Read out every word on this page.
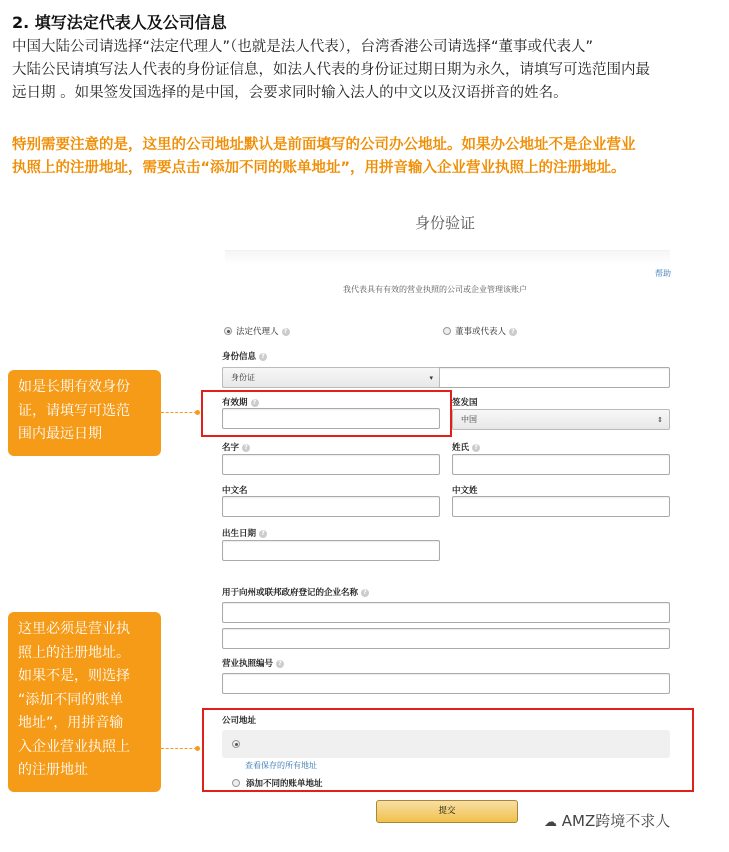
2. 填写法定代表人及公司信息
中国大陆公司请选择“法定代理人”（也就是法人代表），台湾香港公司请选择“董事或代表人”
大陆公民请填写法人代表的身份证信息，如法人代表的身份证过期日期为永久，请填写可选范围内最
远日期 。如果签发国选择的是中国，会要求同时输入法人的中文以及汉语拼音的姓名。
特别需要注意的是，这里的公司地址默认是前面填写的公司办公地址。如果办公地址不是企业营业
执照上的注册地址，需要点击“添加不同的账单地址”，用拼音输入企业营业执照上的注册地址。
身份验证
帮助
我代表具有有效的营业执照的公司或企业管理该账户
法定代理人 ?	董事或代表人 ?
身份信息 ?
身份证	▾
有效期 ?	签发国
中国	⇕
名字 ?	姓氏 ?
中文名	中文姓
出生日期 ?
用于向州或联邦政府登记的企业名称 ?
营业执照编号 ?
公司地址
查看保存的所有地址
添加不同的账单地址
提交
如是长期有效身份
证，请填写可选范
围内最远日期
这里必须是营业执
照上的注册地址。
如果不是，则选择
“添加不同的账单
地址”，用拼音输
入企业营业执照上
的注册地址
☁ AMZ跨境不求人
